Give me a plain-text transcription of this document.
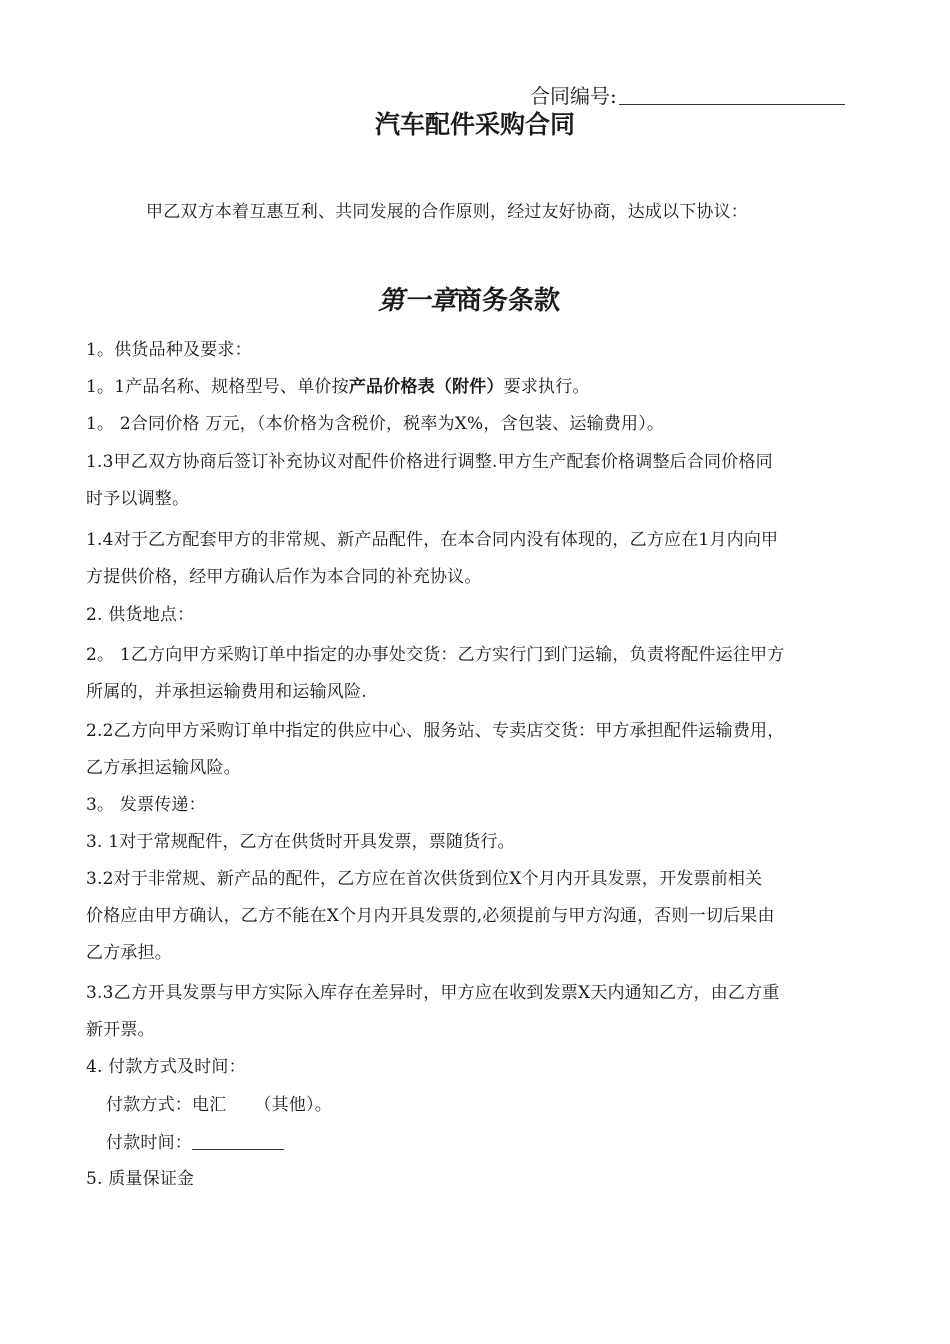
合同编号:
汽车配件采购合同
甲乙双方本着互惠互利、共同发展的合作原则，经过友好协商，达成以下协议：
第一章商务条款
1。供货品种及要求：
1。1产品名称、规格型号、单价按产品价格表（附件）要求执行。
1。 2合同价格 万元，（本价格为含税价，税率为X%，含包装、运输费用）。
1.3甲乙双方协商后签订补充协议对配件价格进行调整.甲方生产配套价格调整后合同价格同
时予以调整。
1.4对于乙方配套甲方的非常规、新产品配件，在本合同内没有体现的，乙方应在1月内向甲
方提供价格，经甲方确认后作为本合同的补充协议。
2. 供货地点：
2。 1乙方向甲方采购订单中指定的办事处交货：乙方实行门到门运输，负责将配件运往甲方
所属的，并承担运输费用和运输风险.
2.2乙方向甲方采购订单中指定的供应中心、服务站、专卖店交货：甲方承担配件运输费用，
乙方承担运输风险。
3。 发票传递：
3. 1对于常规配件，乙方在供货时开具发票，票随货行。
3.2对于非常规、新产品的配件，乙方应在首次供货到位X个月内开具发票，开发票前相关
价格应由甲方确认，乙方不能在X个月内开具发票的,必须提前与甲方沟通，否则一切后果由
乙方承担。
3.3乙方开具发票与甲方实际入库存在差异时，甲方应在收到发票X天内通知乙方，由乙方重
新开票。
4. 付款方式及时间：
付款方式：电汇     （其他）。
付款时间：
5. 质量保证金
